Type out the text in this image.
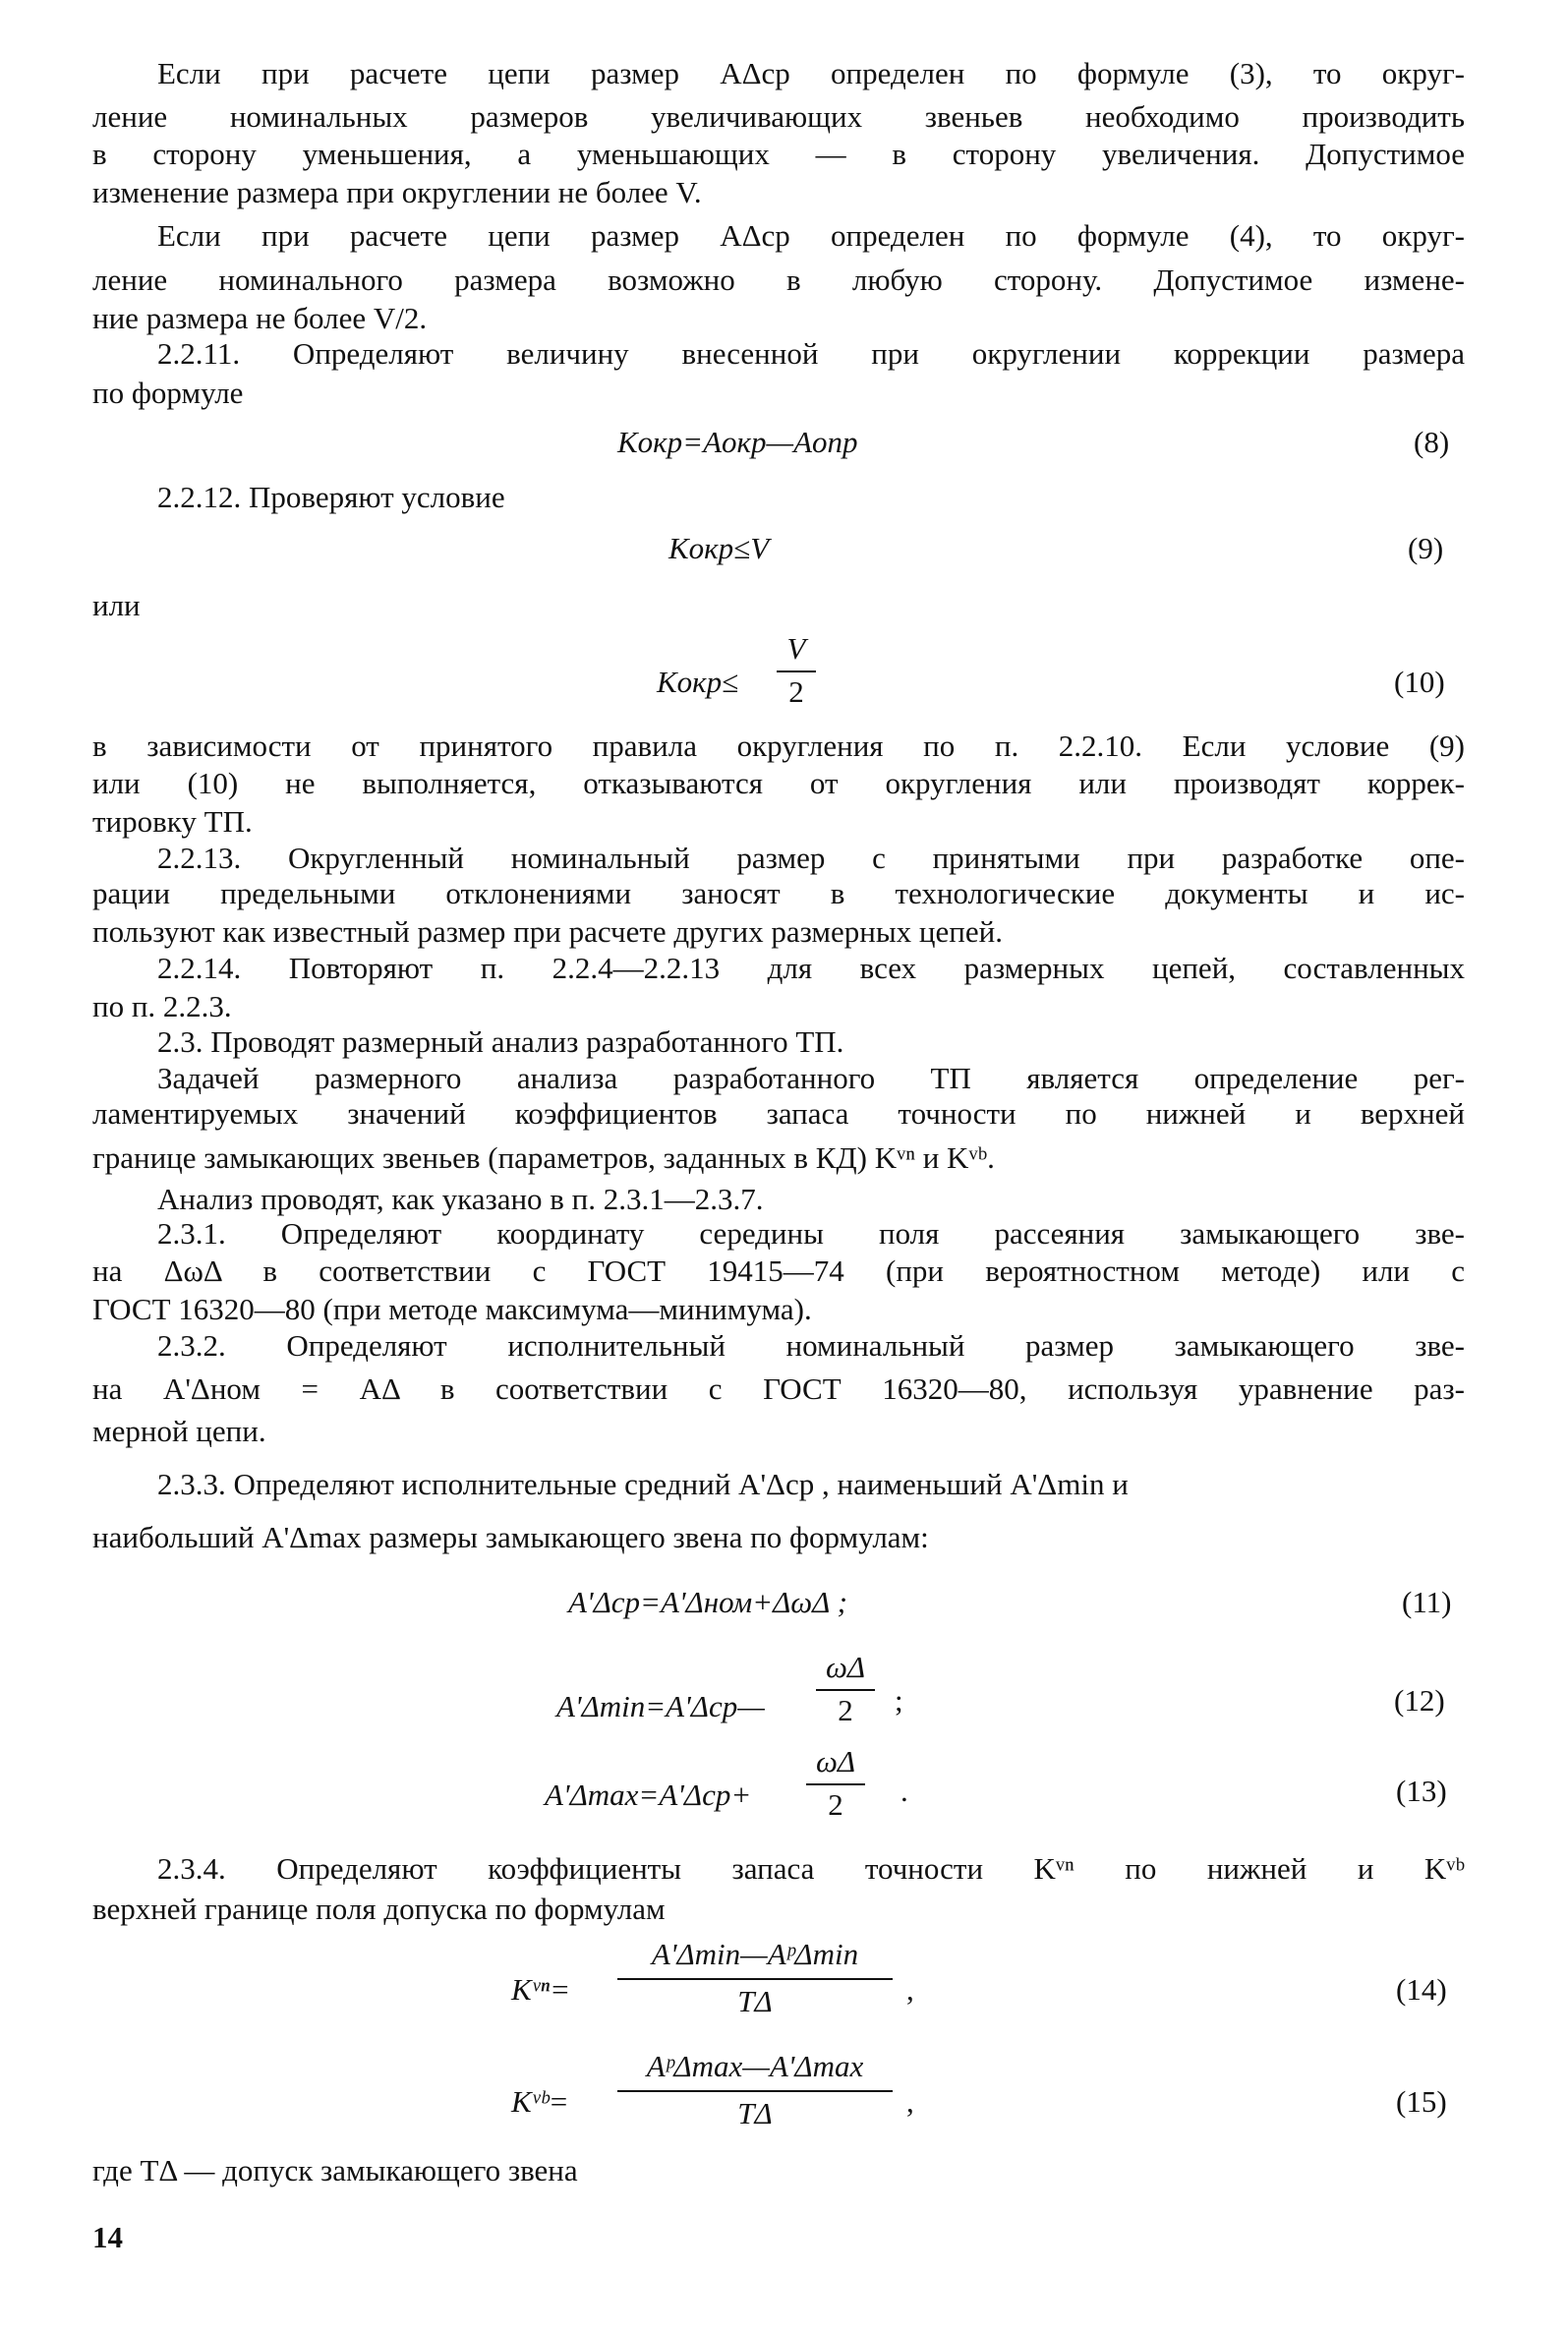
Если при расчете цепи размер AΔср определен по формуле (3), то округ-
ление номинальных размеров увеличивающих звеньев необходимо производить
в сторону уменьшения, а уменьшающих — в сторону увеличения. Допустимое
изменение размера при округлении не более V.
Если при расчете цепи размер AΔср определен по формуле (4), то округ-
ление номинального размера возможно в любую сторону. Допустимое измене-
ние размера не более V/2.
2.2.11. Определяют величину внесенной при округлении коррекции размера
по формуле
Kокр=Aокр—Aопр	(8)
2.2.12. Проверяют условие
Kокр≤V	(9)
или
Kокр≤
V
2	(10)
в зависимости от принятого правила округления по п. 2.2.10. Если условие (9)
или (10) не выполняется, отказываются от округления или производят коррек-
тировку ТП.
2.2.13. Округленный номинальный размер с принятыми при разработке опе-
рации предельными отклонениями заносят в технологические документы и ис-
пользуют как известный размер при расчете других размерных цепей.
2.2.14. Повторяют п. 2.2.4—2.2.13 для всех размерных цепей, составленных
по п. 2.2.3.
2.3. Проводят размерный анализ разработанного ТП.
Задачей размерного анализа разработанного ТП является определение рег-
ламентируемых значений коэффициентов запаса точности по нижней и верхней
границе замыкающих звеньев (параметров, заданных в КД) Kᵛⁿ и Kᵛᵇ.
Анализ проводят, как указано в п. 2.3.1—2.3.7.
2.3.1. Определяют координату середины поля рассеяния замыкающего зве-
на ΔωΔ в соответствии с ГОСТ 19415—74 (при вероятностном методе) или с
ГОСТ 16320—80 (при методе максимума—минимума).
2.3.2. Определяют исполнительный номинальный размер замыкающего зве-
на A'Δном = AΔ в соответствии с ГОСТ 16320—80, используя уравнение раз-
мерной цепи.
2.3.3. Определяют исполнительные средний A'Δср , наименьший A'Δmin и
наибольший A'Δmax размеры замыкающего звена по формулам:
A'Δср=A'Δном+ΔωΔ ;	(11)
A'Δmin=A'Δср—
ωΔ
2	;	(12)
A'Δmax=A'Δср+
ωΔ
2	.	(13)
2.3.4. Определяют коэффициенты запаса точности Kᵛⁿ по нижней и Kᵛᵇ
верхней границе поля допуска по формулам
Kᵛⁿ=
A'Δmin—AᵖΔmin
TΔ	,	(14)
Kᵛᵇ=
AᵖΔmax—A'Δmax
TΔ	,	(15)
где TΔ — допуск замыкающего звена
14
